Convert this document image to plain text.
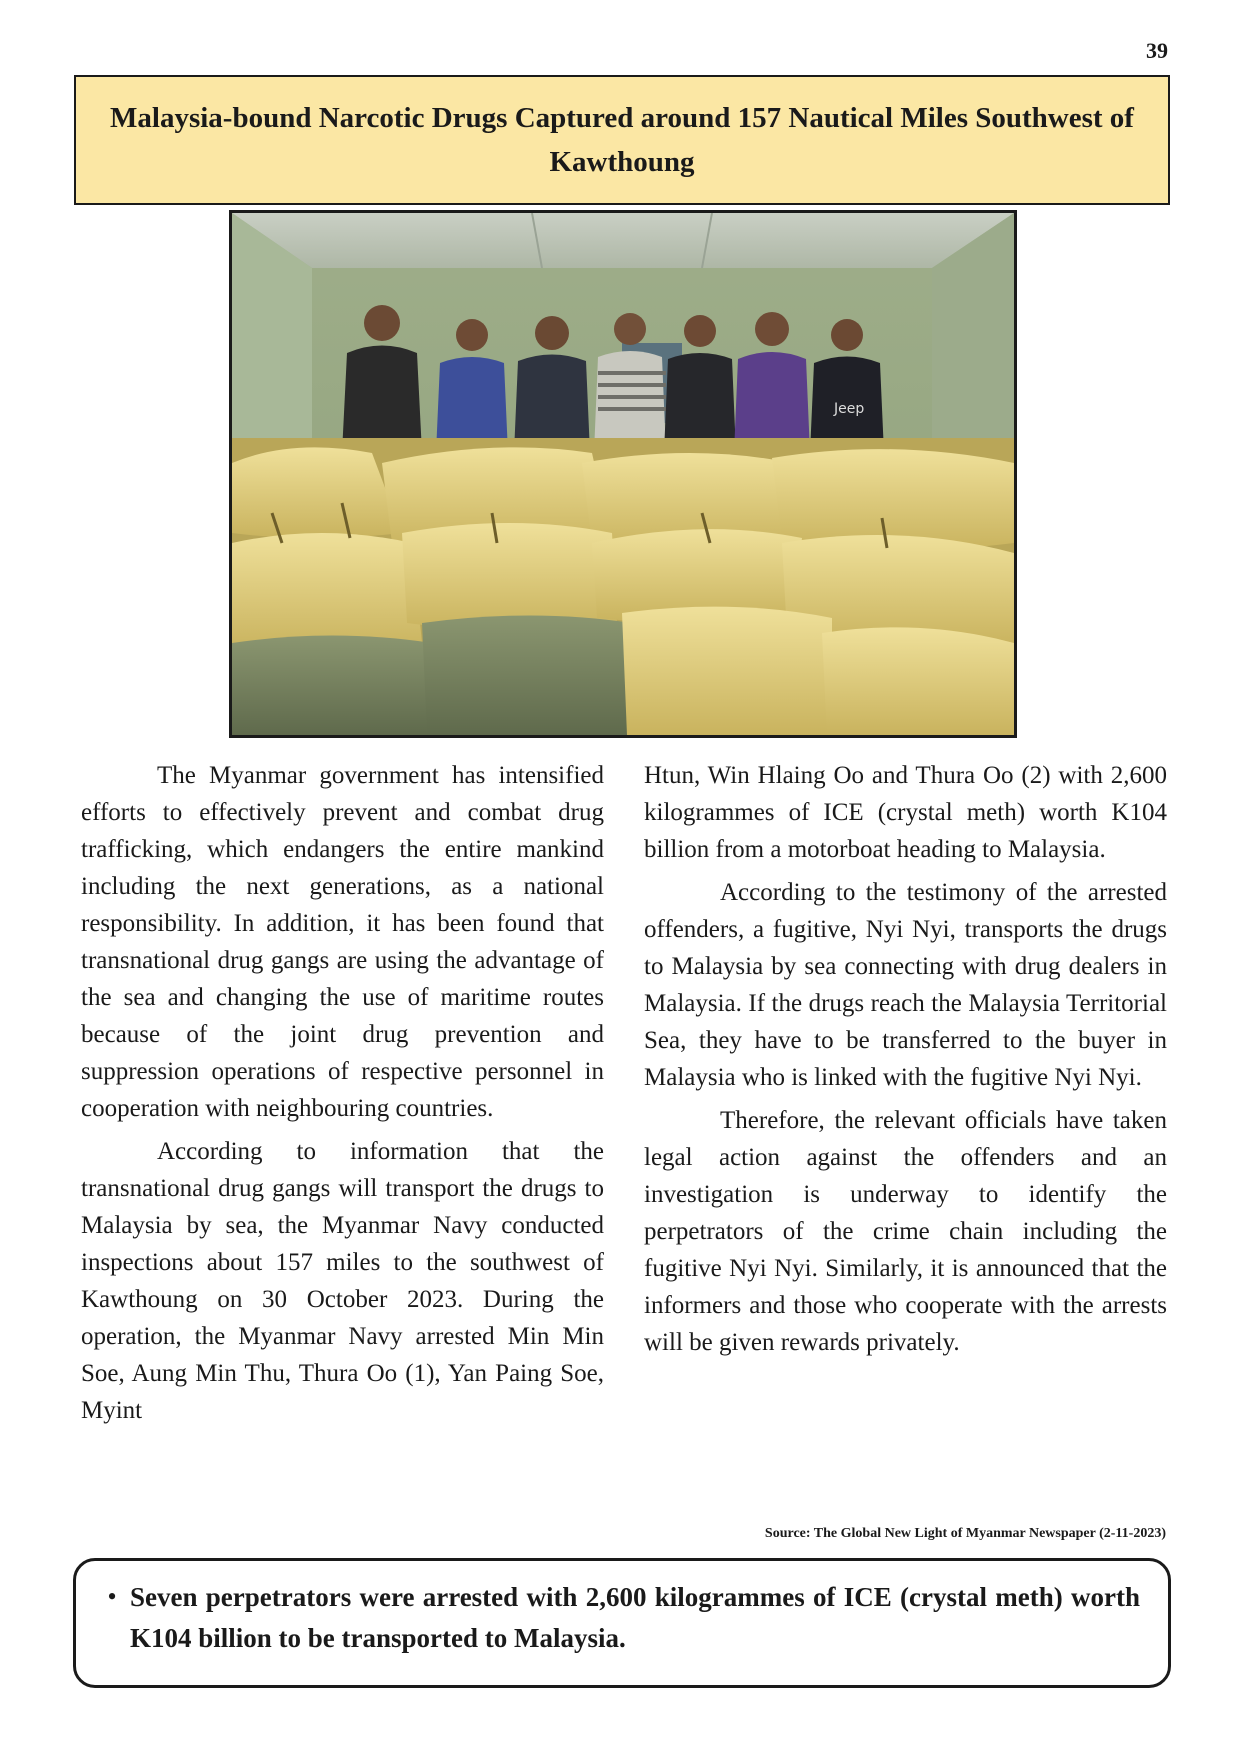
39
Malaysia-bound Narcotic Drugs Captured around 157 Nautical Miles Southwest of Kawthoung
Jeep

The Myanmar government has intensified efforts to effectively prevent and combat drug trafficking, which endangers the entire mankind including the next generations, as a national responsibility. In addition, it has been found that transnational drug gangs are using the advantage of the sea and changing the use of maritime routes because of the joint drug prevention and suppression operations of respective personnel in cooperation with neighbouring countries.

According to information that the transnational drug gangs will transport the drugs to Malaysia by sea, the Myanmar Navy conducted inspections about 157 miles to the southwest of Kawthoung on 30 October 2023. During the operation, the Myanmar Navy arrested Min Min Soe, Aung Min Thu, Thura Oo (1), Yan Paing Soe, Myint

Htun, Win Hlaing Oo and Thura Oo (2) with 2,600 kilogrammes of ICE (crystal meth) worth K104 billion from a motorboat heading to Malaysia.

According to the testimony of the arrested offenders, a fugitive, Nyi Nyi, transports the drugs to Malaysia by sea connecting with drug dealers in Malaysia. If the drugs reach the Malaysia Territorial Sea, they have to be transferred to the buyer in Malaysia who is linked with the fugitive Nyi Nyi.

Therefore, the relevant officials have taken legal action against the offenders and an investigation is underway to identify the perpetrators of the crime chain including the fugitive Nyi Nyi. Similarly, it is announced that the informers and those who cooperate with the arrests will be given rewards privately.

Source: The Global New Light of Myanmar Newspaper (2-11-2023)
• Seven perpetrators were arrested with 2,600 kilogrammes of ICE (crystal meth) worth K104 billion to be transported to Malaysia.
